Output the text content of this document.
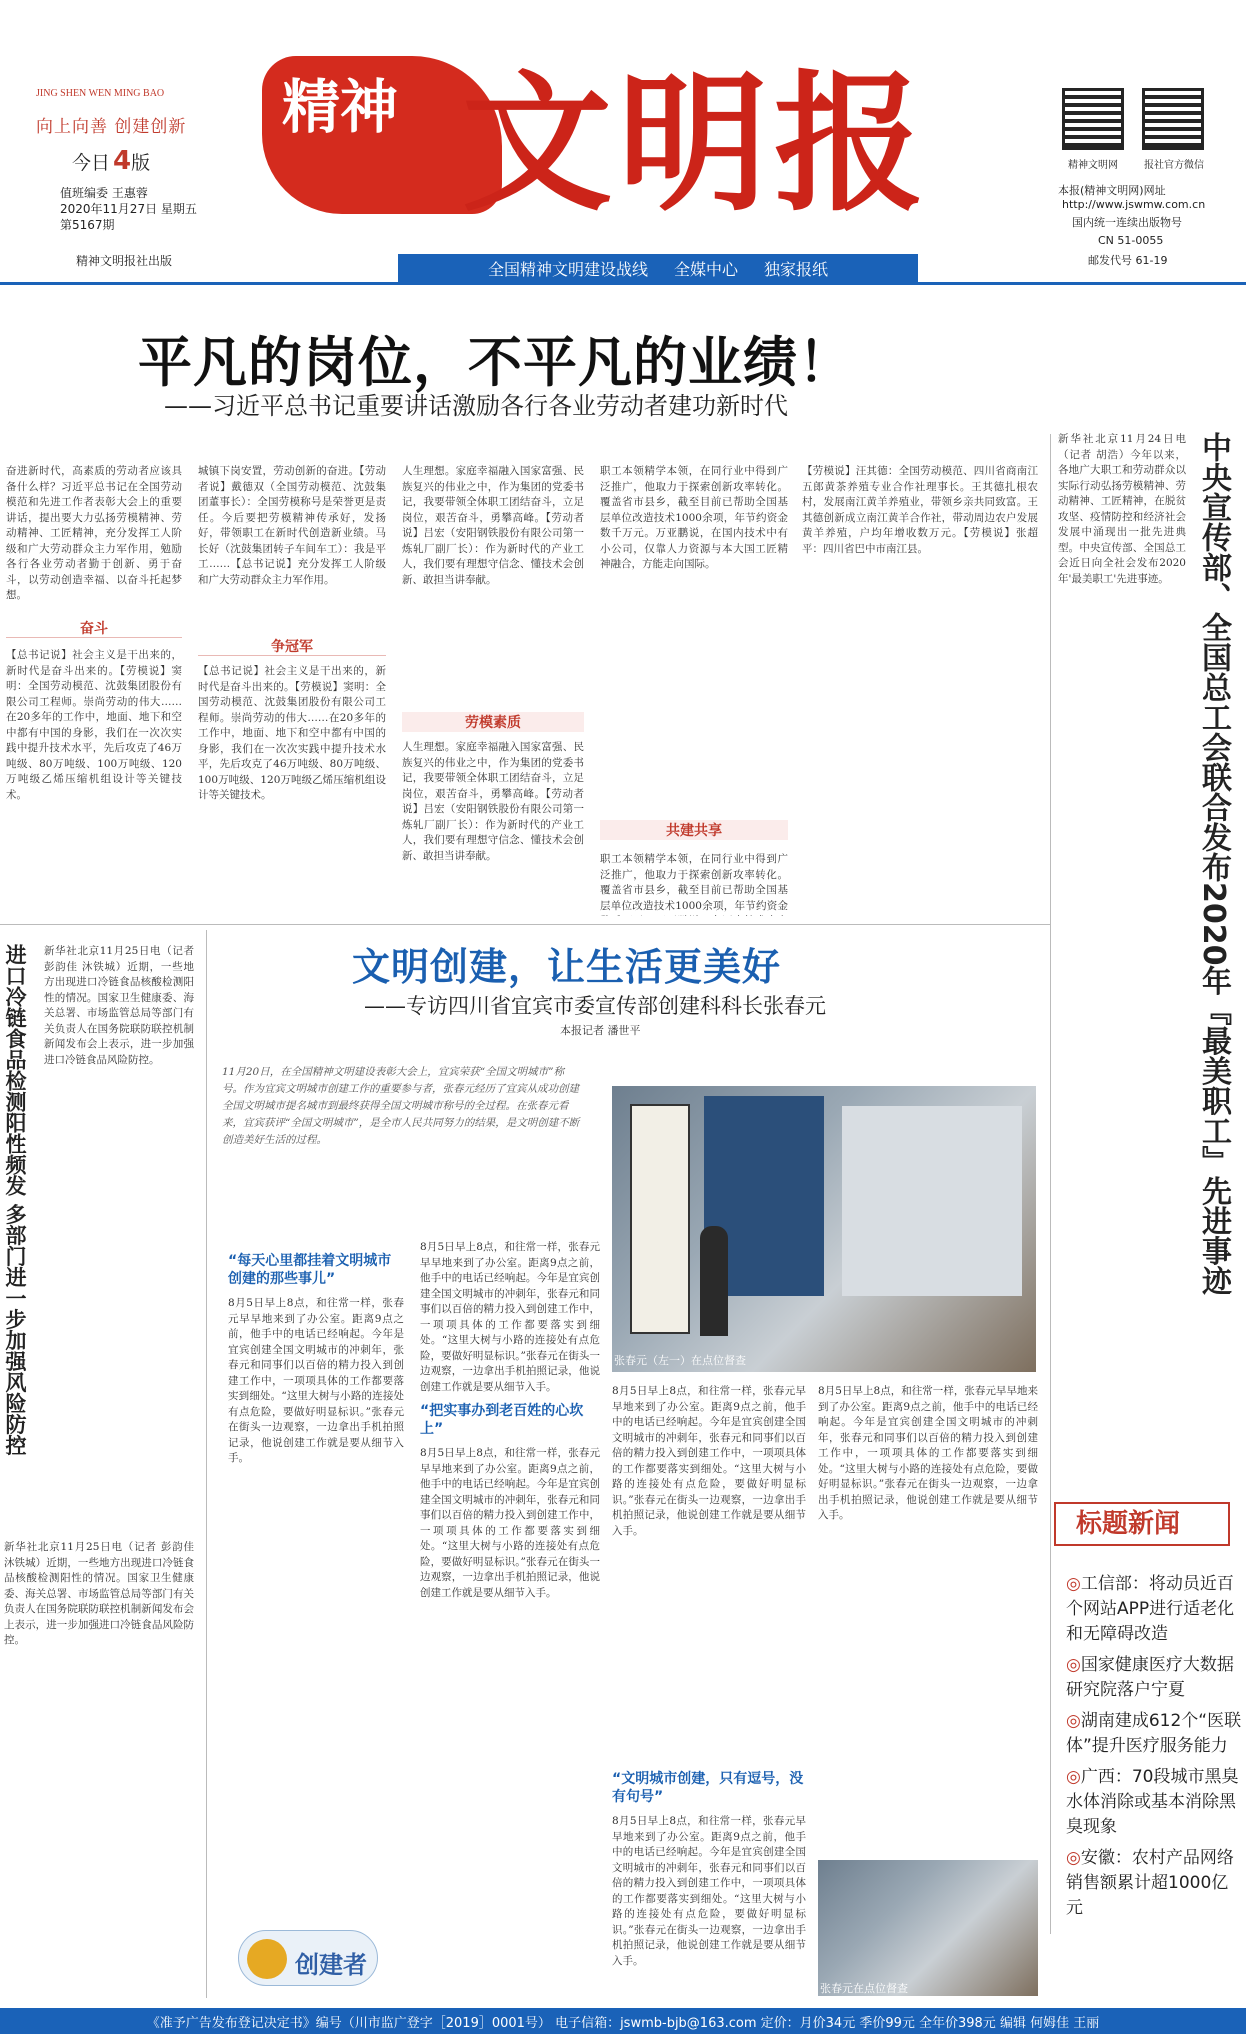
JING SHEN WEN MING BAO
向上向善 创建创新
今日 4版
值班编委 王惠蓉
2020年11月27日 星期五
第5167期
精神文明报社出版
精神 文明报	精神文明网	报社官方微信
本报(精神文明网)网址
http://www.jswmw.com.cn
国内统一连续出版物号
CN 51-0055
邮发代号 61-19
全国精神文明建设战线 全媒中心 独家报纸
平凡的岗位，不平凡的业绩！
——习近平总书记重要讲话激励各行各业劳动者建功新时代
奋进新时代，高素质的劳动者应该具备什么样？习近平总书记在全国劳动模范和先进工作者表彰大会上的重要讲话，提出要大力弘扬劳模精神、劳动精神、工匠精神，充分发挥工人阶级和广大劳动群众主力军作用，勉励各行各业劳动者勤于创新、勇于奋斗，以劳动创造幸福、以奋斗托起梦想。
奋斗
【总书记说】社会主义是干出来的，新时代是奋斗出来的。【劳模说】窦明：全国劳动模范、沈鼓集团股份有限公司工程师。崇尚劳动的伟大……在20多年的工作中，地面、地下和空中都有中国的身影，我们在一次次实践中提升技术水平，先后攻克了46万吨级、80万吨级、100万吨级、120万吨级乙烯压缩机组设计等关键技术。
城镇下岗安置，劳动创新的奋进。【劳动者说】戴德双（全国劳动模范、沈鼓集团董事长）：全国劳模称号是荣誉更是责任。今后要把劳模精神传承好，发扬好，带领职工在新时代创造新业绩。马长好（沈鼓集团转子车间车工）：我是平工……【总书记说】充分发挥工人阶级和广大劳动群众主力军作用。
争冠军
【总书记说】社会主义是干出来的，新时代是奋斗出来的。【劳模说】窦明：全国劳动模范、沈鼓集团股份有限公司工程师。崇尚劳动的伟大……在20多年的工作中，地面、地下和空中都有中国的身影，我们在一次次实践中提升技术水平，先后攻克了46万吨级、80万吨级、100万吨级、120万吨级乙烯压缩机组设计等关键技术。
人生理想。家庭幸福融入国家富强、民族复兴的伟业之中，作为集团的党委书记，我要带领全体职工团结奋斗，立足岗位，艰苦奋斗，勇攀高峰。【劳动者说】吕宏（安阳钢铁股份有限公司第一炼轧厂副厂长）：作为新时代的产业工人，我们要有理想守信念、懂技术会创新、敢担当讲奉献。
劳模素质
人生理想。家庭幸福融入国家富强、民族复兴的伟业之中，作为集团的党委书记，我要带领全体职工团结奋斗，立足岗位，艰苦奋斗，勇攀高峰。【劳动者说】吕宏（安阳钢铁股份有限公司第一炼轧厂副厂长）：作为新时代的产业工人，我们要有理想守信念、懂技术会创新、敢担当讲奉献。
职工本领精学本领，在同行业中得到广泛推广，他取力于探索创新攻率转化。覆盖省市县乡，截至目前已帮助全国基层单位改造技术1000余项，年节约资金数千万元。万亚鹏说，在国内技术中有小公司，仅靠人力资源与本大国工匠精神融合，方能走向国际。
共建共享
职工本领精学本领，在同行业中得到广泛推广，他取力于探索创新攻率转化。覆盖省市县乡，截至目前已帮助全国基层单位改造技术1000余项，年节约资金
【劳模说】汪其德：全国劳动模范、四川省商南江五郎黄茶养殖专业合作社理事长。王其德扎根农村，发展南江黄羊养殖业，带领乡亲共同致富。王其德创新成立南江黄羊合作社，带动周边农户发展黄羊养殖，户均年增收数万元。【劳模说】张超平：四川省巴中市南江县。	中央宣传部、全国总工会联合发布2020年『最美职工』先进事迹
新华社北京11月24日电（记者 胡浩）今年以来，各地广大职工和劳动群众以实际行动弘扬劳模精神、劳动精神、工匠精神，在脱贫攻坚、疫情防控和经济社会发展中涌现出一批先进典型。中央宣传部、全国总工会近日向全社会发布2020年'最美职工'先进事迹。
进口冷链食品检测阳性频发 多部门进一步加强风险防控 新华社北京11月25日电（记者 彭韵佳 沐铁城）近期，一些地方出现进口冷链食品核酸检测阳性的情况。国家卫生健康委、海关总署、市场监管总局等部门有关负责人在国务院联防联控机制新闻发布会上表示，进一步加强进口冷链食品风险防控。
新华社北京11月25日电（记者 彭韵佳 沐铁城）近期，一些地方出现进口冷链食品核酸检测阳性的情况。国家卫生健康委、海关总署、市场监管总局等部门有关负责人在国务院联防联控机制新闻发布会上表示，进一步加强进口冷链食品风险防控。
文明创建，让生活更美好
——专访四川省宜宾市委宣传部创建科科长张春元
本报记者 潘世平
11月20日，在全国精神文明建设表彰大会上，宜宾荣获“全国文明城市”称号。作为宜宾文明城市创建工作的重要参与者，张春元经历了宜宾从成功创建全国文明城市提名城市到最终获得全国文明城市称号的全过程。在张春元看来，宜宾获评“全国文明城市”，是全市人民共同努力的结果，是文明创建不断创造美好生活的过程。
张春元（左一）在点位督查
“每天心里都挂着文明城市创建的那些事儿”
8月5日早上8点，和往常一样，张春元早早地来到了办公室。距离9点之前，他手中的电话已经响起。今年是宜宾创建全国文明城市的冲刺年，张春元和同事们以百倍的精力投入到创建工作中，一项项具体的工作都要落实到细处。“这里大树与小路的连接处有点危险，要做好明显标识。”张春元在街头一边观察，一边拿出手机拍照记录，他说创建工作就是要从细节入手。
8月5日早上8点，和往常一样，张春元早早地来到了办公室。距离9点之前，他手中的电话已经响起。今年是宜宾创建全国文明城市的冲刺年，张春元和同事们以百倍的精力投入到创建工作中，一项项具体的工作都要落实到细处。“这里大树与小路的连接处有点危险，要做好明显标识。”张春元在街头一边观察，一边拿出手机拍照记录，他说创建工作就是要从细节入手。
“把实事办到老百姓的心坎上”
8月5日早上8点，和往常一样，张春元早早地来到了办公室。距离9点之前，他手中的电话已经响起。今年是宜宾创建全国文明城市的冲刺年，张春元和同事们以百倍的精力投入到创建工作中，一项项具体的工作都要落实到细处。“这里大树与小路的连接处有点危险，要做好明显标识。”张春元在街头一边观察，一边拿出手机拍照记录，他说创建工作就是要从细节入手。
8月5日早上8点，和往常一样，张春元早早地来到了办公室。距离9点之前，他手中的电话已经响起。今年是宜宾创建全国文明城市的冲刺年，张春元和同事们以百倍的精力投入到创建工作中，一项项具体的工作都要落实到细处。“这里大树与小路的连接处有点危险，要做好明显标识。”张春元在街头一边观察，一边拿出手机拍照记录，他说创建工作就是要从细节入手。
“文明城市创建，只有逗号，没有句号”
8月5日早上8点，和往常一样，张春元早早地来到了办公室。距离9点之前，他手中的电话已经响起。今年是宜宾创建全国文明城市的冲刺年，张春元和同事们以百倍的精力投入到创建工作中，一项项具体的工作都要落实到细处。“这里大树与小路的连接处有点危险，要做好明显标识。”张春元在街头一边观察，一边拿出手机拍照记录，他说创建工作就是要从细节入手。
8月5日早上8点，和往常一样，张春元早早地来到了办公室。距离9点之前，他手中的电话已经响起。今年是宜宾创建全国文明城市的冲刺年，张春元和同事们以百倍的精力投入到创建工作中，一项项具体的工作都要落实到细处。“这里大树与小路的连接处有点危险，要做好明显标识。”张春元在街头一边观察，一边拿出手机拍照记录，他说创建工作就是要从细节入手。
张春元在点位督查
创建者
标题新闻
◎工信部：将动员近百个网站APP进行适老化和无障碍改造
◎国家健康医疗大数据研究院落户宁夏
◎湖南建成612个“医联体”提升医疗服务能力
◎广西：70段城市黑臭水体消除或基本消除黑臭现象
◎安徽：农村产品网络销售额累计超1000亿元
《准予广告发布登记决定书》编号（川市监广登字［2019］0001号） 电子信箱：jswmb-bjb@163.com 定价：月价34元 季价99元 全年价398元 编辑 何姆佳 王丽
